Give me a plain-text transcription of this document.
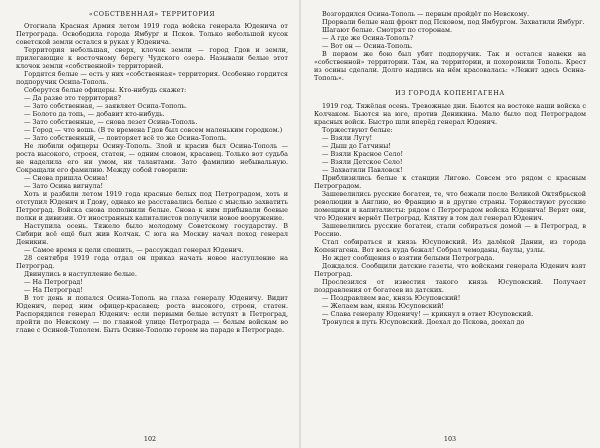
«СОБСТВЕННАЯ» ТЕРРИТОРИЯ

Отогнала Красная Армия летом 1919 года войска генерала Юденича от Петрограда. Освободила города Ямбург и Псков. Только небольшой кусок советской земли остался в руках у Юденича.

Территория небольшая, сверх, клочок земли — город Гдов и земли, прилегающие к восточному берегу Чудского озера. Называли белые этот клочок земли «собственной» территорией.

Гордятся белые — есть у них «собственная» территория. Особенно гордится подпоручик Осипа-Тополь.

Соберутся белые офицеры. Кто-нибудь скажет:

— Да разве это территория?

— Зато собственная, — заявляет Осипа-Тополь.

— Болото да топь, — добавит кто-нибудь.

— Зато собственные, — снова лезет Осина-Тополь.

— Город — что вошь. (В те времена Гдов был совсем маленьким городком.)

— Зато собственный, — повторяет всё то же Осина-Тополь.

Не любили офицеры Осину-Тополь. Злой и красив был Осина-Тополь — роста высокого, строен, статен, — одним словом, красавец. Только вот судьба не наделила его ни умом, ни талантами. Зато фамилию небывальную. Сокращали его фамилию. Между собой говорили:

— Снова пришла Осина!

— Зато Осина вигнула!

Хоть и разбили летом 1919 года красные белых под Петроградом, хоть и отступил Юденич и Гдову, однако не расставались белые с мыслью захватить Петроград. Войска снова пополнили белые. Снова к ним прибывали боевые полки и дивизии. От иностранных капиталистов получили новое вооружение.

Наступила осень. Тяжело было молодому Советскому государству. В Сибири всё ещё был жив Колчак. С юга на Москву начал поход генерал Деникин.

— Самое время к цели спешить, — рассуждал генерал Юденич.

28 сентября 1919 года отдал он приказ начать новое наступление на Петроград.

Двинулись в наступление белые.

— На Петроград!

— На Петроград!

В тот день и попался Осина-Тополь на глаза генералу Юденичу. Видит Юденич, перед ним офицер-красавец: роста высокого, строен, статен. Распорядился генерал Юденич: если первыми белые вступят в Петроград, пройти по Невскому — по главной улице Петрограда — белым войскам во главе с Осиной-Тополем. Быть Осине-Тополю героем на параде в Петрограде.

102

Возгордился Осина-Тополь — первым пройдёт по Невскому.

Прорвали белые наш фронт под Псковом, под Ямбургом. Захватили Ямбург.

Шагают белые. Смотрят по сторонам.

— А где же Осина-Тополь?

— Вот он — Осина-Тополь.

В первом же бою был убит подпоручик. Так и остался навеки на «собственной» территории. Там, на территории, и похоронили Тополь. Крест из осины сделали. Долго надпись на нём красовалась: «Лежит здесь Осина-Тополь».

ИЗ ГОРОДА КОПЕНГАГЕНА

1919 год. Тяжёлая осень. Тревожные дни. Бьются на востоке наши войска с Колчаком. Бьются на юге, против Деникина. Мало было под Петроградом красных войск. Быстро шли вперёд генерал Юденич.

Торжествуют белые:

— Взяли Лугу!

— Дыш до Гатчины!

— Взяли Красное Село!

— Взяли Детское Село!

— Захватили Павловск!

Приблизились белые к станции Лигово. Совсем это рядом с красным Петроградом.

Зашевелились русские богатеи, те, что бежали после Великой Октябрьской революции в Англию, во Францию и в другие страны. Торжествуют русские помещики и капиталисты: рядом с Петроградом войска Юденича! Верят они, что Юденич вернёт Петроград. Клятву в том дал генерал Юденич.

Зашевелились русские богатеи, стали собираться домой — в Петроград, в Россию.

Стал собираться и князь Юсуповский. Из далёкой Дании, из города Копенгагена. Вот весь куда бежал! Собрал чемоданы, баулы, узлы.

Но ждет сообщения о взятии белыми Петрограда.

Дождался. Сообщили датские газеты, что войсками генерала Юденич взят Петроград.

Прослезился от известия такого князь Юсуповский. Получает поздравления от богатеев из датских.

— Поздравляем вас, князь Юсуповский!

— Желаем вам, князь Юсуповский!

— Слава генералу Юденичу! — крикнул в ответ Юсуповский.

Тронулся в путь Юсуповский. Доехал до Пскова, доехал до

103
